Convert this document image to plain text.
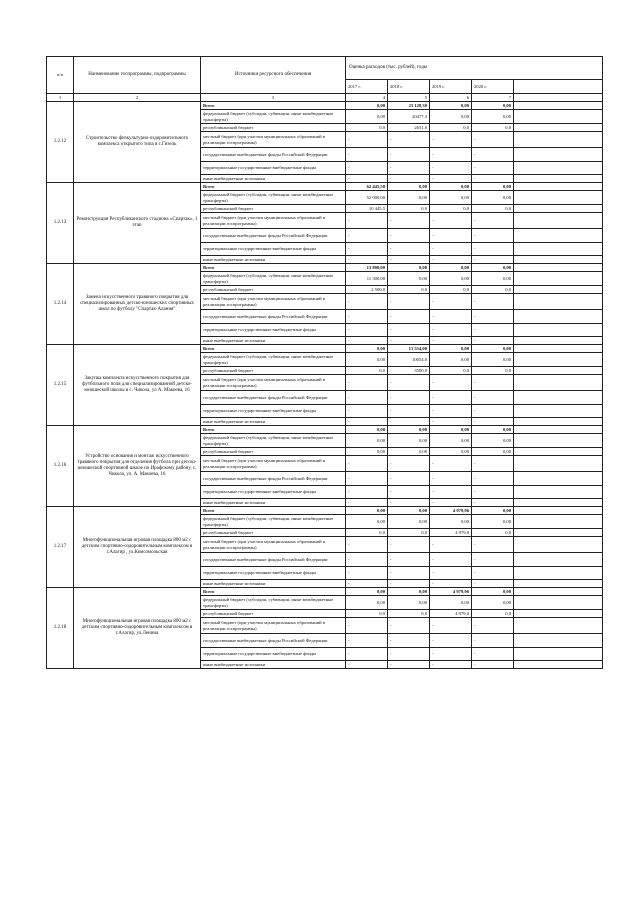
п/п	Наименование госпрограммы, подпрограммы	Источники ресурсного обеспечения	Оценка расходов (тыс. рублей), годы				
			2017 г.	2018 г.	2019 г.	2020 г.	
1	2	3	4	5	6	7	
1.2.12	Строительство физкультурно-оздоровительного комплекса открытого типа в с.Гизель	Всего	0,00	23 128,30	0,00	0,00	
		федеральный бюджет (субсидии, субвенции, иные межбюджетные трансферты)	0,00	20477,3	0,00	0,00	
		республиканский бюджет	0,0	2651,0	0,0	0,0	
		местный бюджет (при участии муниципальных образований в реализации госпрограммы)	-	-	-	-	
		государственные внебюджетные фонды Российской Федерации	-	-	-	-	
		территориальные государственные внебюджетные фонды	-	-	-	-	
		иные внебюджетные источники	-	-	-	-	
1.2.13	Реконструкция Республиканского стадиона «Спартак», 1 этап	Всего	62 445,50	0,00	0,00	0,00	
		федеральный бюджет (субсидии, субвенции, иные межбюджетные трансферты)	52 000,00	0,00	0,00	0,00	
		республиканский бюджет	10 445,5	0,0	0,0	0,0	
		местный бюджет (при участии муниципальных образований в реализации госпрограммы)	-	-	-	-	
		государственные внебюджетные фонды Российской Федерации	-	-	-	-	
		территориальные государственные внебюджетные фонды	-	-	-	-	
		иные внебюджетные источники	-	-	-	-	
1.2.14	Замена искусственного травяного покрытия для специализированных детско-юношеских спортивных школ по футболу "Спартак-Алания"	Всего	13 800,00	0,00	0,00	0,00	
		федеральный бюджет (субсидии, субвенции, иные межбюджетные трансферты)	11 300,00	0,00	0,00	0,00	
		республиканский бюджет	2 500,0	0,0	0,0	0,0	
		местный бюджет (при участии муниципальных образований в реализации госпрограммы)	-	-	-	-	
		государственные внебюджетные фонды Российской Федерации	-	-	-	-	
		территориальные государственные внебюджетные фонды	-	-	-	-	
		иные внебюджетные источники	-	-	-	-	
1.2.15	Закупка комплекта искусственного покрытия для футбольного поля для специализированной детско-юношеской школы в с. Чикола, ул А. Макоева, 16	Всего	0,00	13 554,00	0,00	0,00	
		федеральный бюджет (субсидии, субвенции, иные межбюджетные трансферты)	0,00	10054,0	0,00	0,00	
		республиканский бюджет	0,0	3500,0	0,0	0,0	
		местный бюджет (при участии муниципальных образований в реализации госпрограммы)	-	-	-	-	
		государственные внебюджетные фонды Российской Федерации	-	-	-	-	
		территориальные государственные внебюджетные фонды	-	-	-	-	
		иные внебюджетные источники	-	-	-	-	
1.2.16	Устройство основания и монтаж искусственного травяного покрытия для отделения футбола при детско-юношеской спортивной школе по Ирафскому району, с. Чикола, ул. А. Макоева, 16	Всего	0,00	0,00	0,00	0,00	
		федеральный бюджет (субсидии, субвенции, иные межбюджетные трансферты)	0,00	0,00	0,00	0,00	
		республиканский бюджет	0,00	0,00	0,00	0,00	
		местный бюджет (при участии муниципальных образований в реализации госпрограммы)	-	-	-	-	
		государственные внебюджетные фонды Российской Федерации	-	-	-	-	
		территориальные государственные внебюджетные фонды	-	-	-	-	
		иные внебюджетные источники	-	-	-	-	
1.2.17	Многофункциональная игровая площадка 800 м2 с детским спортивно-оздоровительным комплексом в г.Алагир , ул.Комсомольская	Всего	0,00	0,00	4 979,96	0,00	
		федеральный бюджет (субсидии, субвенции, иные межбюджетные трансферты)	0,00	0,00	0,00	0,00	
		республиканский бюджет	0,0	0,0	4 979,0	0,0	
		местный бюджет (при участии муниципальных образований в реализации госпрограммы)	-	-	-	-	
		государственные внебюджетные фонды Российской Федерации	-	-	-	-	
		территориальные государственные внебюджетные фонды	-	-	-	-	
		иные внебюджетные источники	-	-	-	-	
1.2.18	Многофункциональная игровая площадка 800 м2 с детским спортивно-оздоровительным комплексом в г.Алагир, ул.Ленина	Всего	0,00	0,00	4 979,96	0,00	
		федеральный бюджет (субсидии, субвенции, иные межбюджетные трансферты)	0,00	0,00	0,00	0,00	
		республиканский бюджет	0,0	0,0	4 979,0	0,0	
		местный бюджет (при участии муниципальных образований в реализации госпрограммы)	-	-	-	-	
		государственные внебюджетные фонды Российской Федерации	-	-	-	-	
		территориальные государственные внебюджетные фонды	-	-	-	-	
		иные внебюджетные источники	-	-	-	-	
